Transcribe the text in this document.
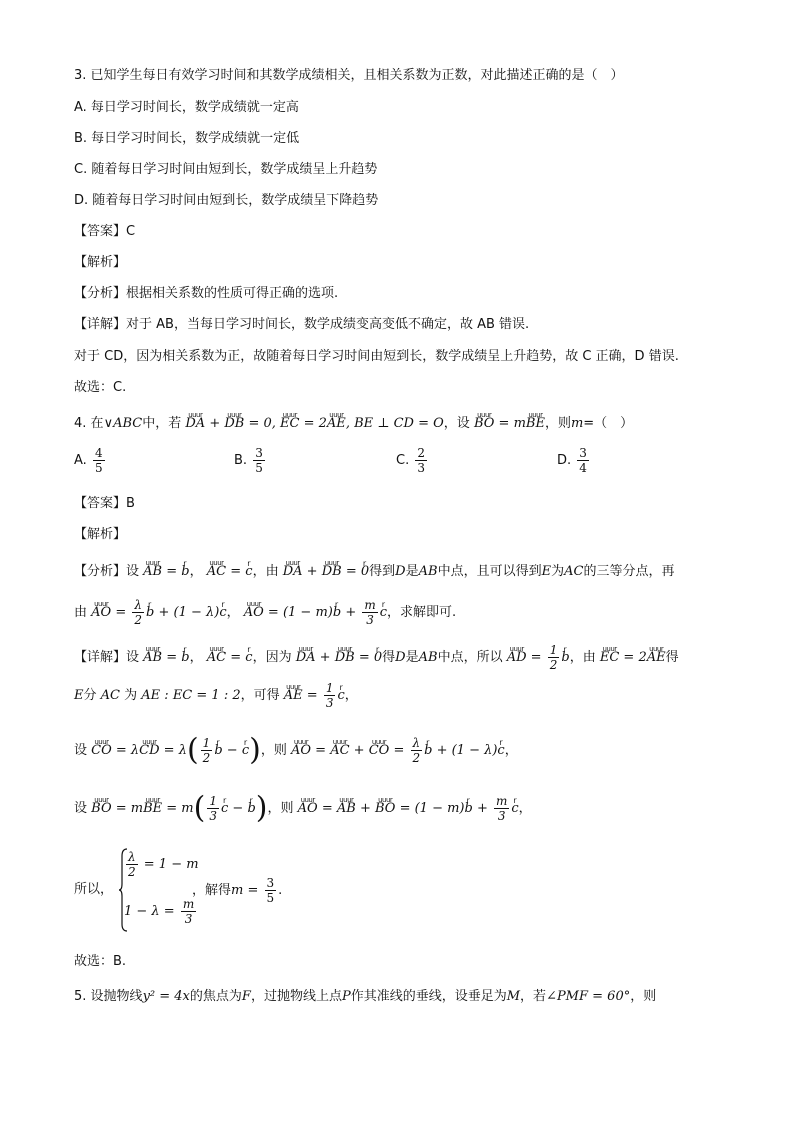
3. 已知学生每日有效学习时间和其数学成绩相关，且相关系数为正数，对此描述正确的是（　）
A. 每日学习时间长，数学成绩就一定高
B. 每日学习时间长，数学成绩就一定低
C. 随着每日学习时间由短到长，数学成绩呈上升趋势
D. 随着每日学习时间由短到长，数学成绩呈下降趋势
【答案】C
【解析】
【分析】根据相关系数的性质可得正确的选项.
【详解】对于 AB，当每日学习时间长，数学成绩变高变低不确定，故 AB 错误.
对于 CD，因为相关系数为正，故随着每日学习时间由短到长，数学成绩呈上升趋势，故 C 正确，D 错误.
故选：C.
4. 在∨ABC中，若 uuur DA + uuur DB = 0, uuur EC = 2uuur AE, BE ⊥ CD = O，设 uuur BO = muuur BE，则m=（　）
A. $\frac{4}{5}$	B. $\frac{3}{5}$	C. $\frac{2}{3}$	D. $\frac{3}{4}$
【答案】B
【解析】
【分析】设 uuur AB = r b， uuur AC = r c，由 uuur DA + uuur DB = r 0得到D是AB中点，且可以得到E为AC的三等分点，再
由 uuur AO = $\frac{\lambda}{2}$ r b + (1 − λ)r c， uuur AO = (1 − m)r $b + \frac{m}{3}$ r c，求解即可.
【详解】设 uuur AB = r b， uuur AC = r c，因为 uuur DA + uuur DB = r 0得D是AB中点，所以 uuur AD = $\frac{1}{2}$ r b，由 uuur EC = 2uuur AE得
E分 AC 为 AE : EC = 1 : 2，可得 uuur AE = $\frac{1}{3}$ r c，
设 uuur CO = λuuur CD = $\lambda( \frac{1}{2}$ r b − r c)，则 uuur AO = uuur AC + uuur CO = $\frac{\lambda}{2}$ r b + (1 − λ)r c，
设 uuur BO = muuur BE = $m( \frac{1}{3}$ r c − r b)，则 uuur AO = uuur AB + uuur BO = (1 − m)r $b + \frac{m}{3}$ r c，
所以，
$\frac{\lambda}{2} = 1 - m$
$1 - \lambda = \frac{m}{3}$
，解得$m = \frac{3}{5}$ .
故选：B.
5. 设抛物线y² = 4x的焦点为F，过抛物线上点P作其准线的垂线，设垂足为M，若∠PMF = 60°，则
